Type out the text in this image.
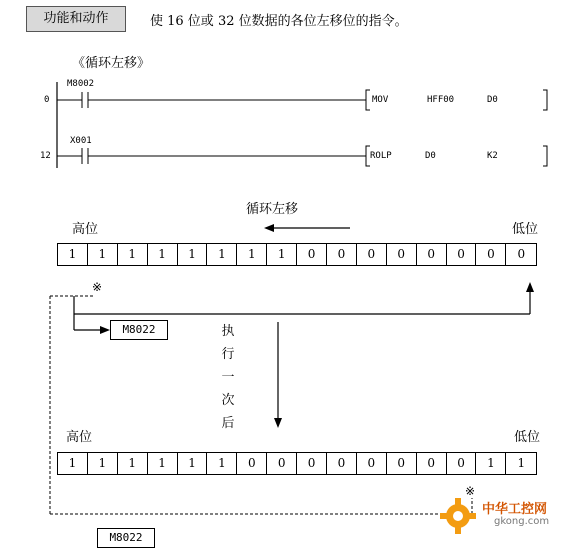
功能和动作	使 16 位或 32 位数据的各位左移位的指令。
《循环左移》
M8002
0	MOV	HFF00	D0
X001
12	ROLP	D0	K2
循环左移
高位	低位
1	1	1	1	1	1	1	1	0	0	0	0	0	0	0	0
※
M8022	执
行
一
次
后
高位	低位
1	1	1	1	1	1	0	0	0	0	0	0	0	0	1	1
※
M8022
中华工控网
gkong.com
